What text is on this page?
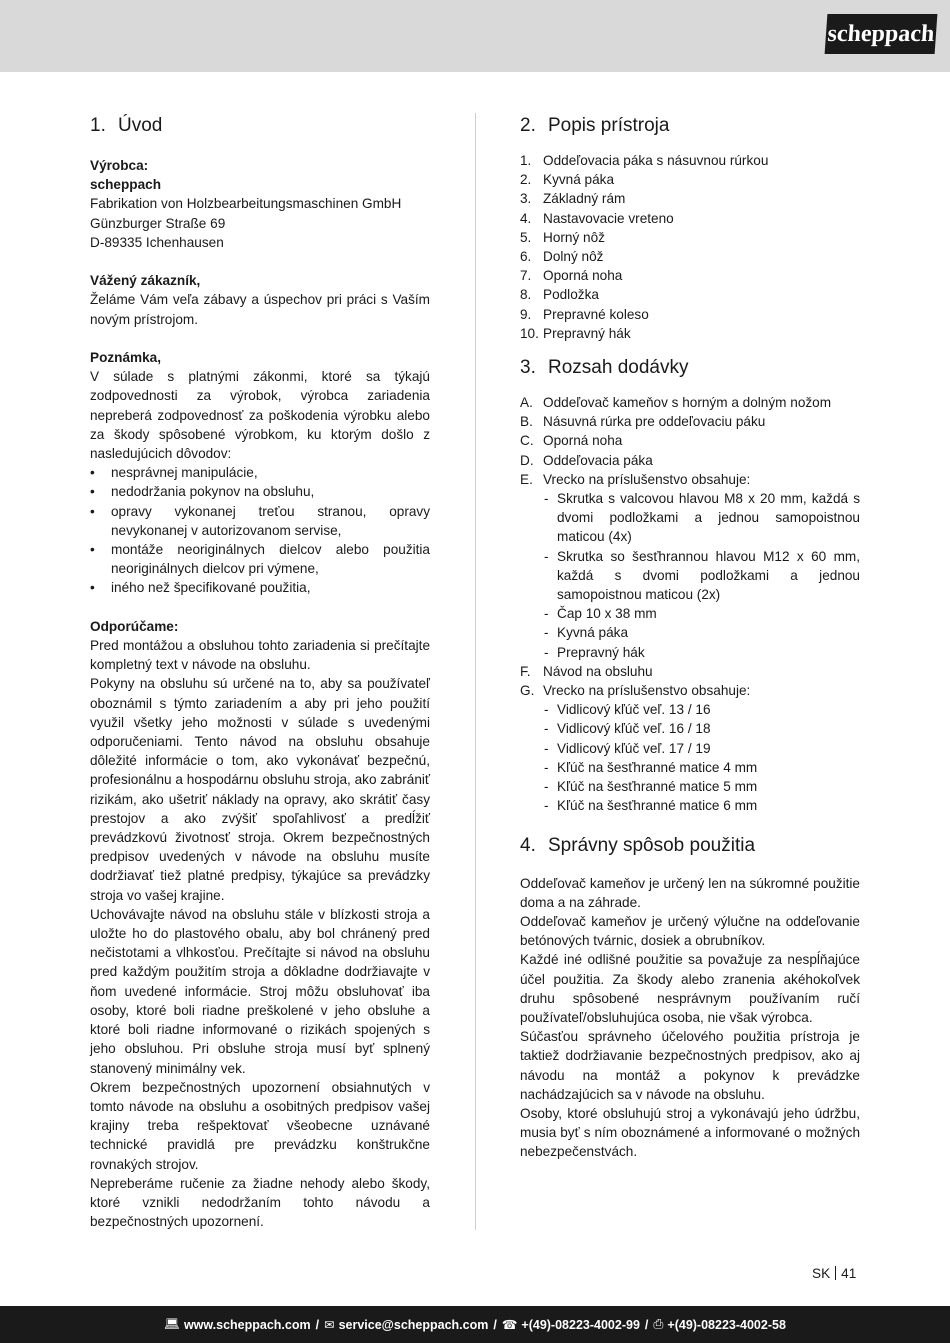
scheppach
1. Úvod

Výrobca:

scheppach

Fabrikation von Holzbearbeitungsmaschinen GmbH

Günzburger Straße 69

D-89335 Ichenhausen

Vážený zákazník,

Želáme Vám veľa zábavy a úspechov pri práci s Vaším novým prístrojom.

Poznámka,

V súlade s platnými zákonmi, ktoré sa týkajú zodpovednosti za výrobok, výrobca zariadenia nepreberá zodpovednosť za poškodenia výrobku alebo za škody spôsobené výrobkom, ku ktorým došlo z nasledujúcich dôvodov:

• nesprávnej manipulácie,
• nedodržania pokynov na obsluhu,
• opravy vykonanej treťou stranou, opravy nevykonanej v autorizovanom servise,
• montáže neoriginálnych dielcov alebo použitia neoriginálnych dielcov pri výmene,
• iného než špecifikované použitia,

Odporúčame:

Pred montážou a obsluhou tohto zariadenia si prečítajte kompletný text v návode na obsluhu.

Pokyny na obsluhu sú určené na to, aby sa používateľ oboznámil s týmto zariadením a aby pri jeho použití využil všetky jeho možnosti v súlade s uvedenými odporučeniami. Tento návod na obsluhu obsahuje dôležité informácie o tom, ako vykonávať bezpečnú, profesionálnu a hospodárnu obsluhu stroja, ako zabrániť rizikám, ako ušetriť náklady na opravy, ako skrátiť časy prestojov a ako zvýšiť spoľahlivosť a predĺžiť prevádzkovú životnosť stroja. Okrem bezpečnostných predpisov uvedených v návode na obsluhu musíte dodržiavať tiež platné predpisy, týkajúce sa prevádzky stroja vo vašej krajine.

Uchovávajte návod na obsluhu stále v blízkosti stroja a uložte ho do plastového obalu, aby bol chránený pred nečistotami a vlhkosťou. Prečítajte si návod na obsluhu pred každým použitím stroja a dôkladne dodržiavajte v ňom uvedené informácie. Stroj môžu obsluhovať iba osoby, ktoré boli riadne preškolené v jeho obsluhe a ktoré boli riadne informované o rizikách spojených s jeho obsluhou. Pri obsluhe stroja musí byť splnený stanovený minimálny vek.

Okrem bezpečnostných upozornení obsiahnutých v tomto návode na obsluhu a osobitných predpisov vašej krajiny treba rešpektovať všeobecne uznávané technické pravidlá pre prevádzku konštrukčne rovnakých strojov.

Nepreberáme ručenie za žiadne nehody alebo škody, ktoré vznikli nedodržaním tohto návodu a bezpečnostných upozornení.

2. Popis prístroja
1. Oddeľovacia páka s násuvnou rúrkou
2. Kyvná páka
3. Základný rám
4. Nastavovacie vreteno
5. Horný nôž
6. Dolný nôž
7. Oporná noha
8. Podložka
9. Prepravné koleso
10. Prepravný hák
3. Rozsah dodávky
A. Oddeľovač kameňov s horným a dolným nožom
B. Násuvná rúrka pre oddeľovaciu páku
C. Oporná noha
D. Oddeľovacia páka
E. Vrecko na príslušenstvo obsahuje:
- Skrutka s valcovou hlavou M8 x 20 mm, každá s dvomi podložkami a jednou samopoistnou maticou (4x)
- Skrutka so šesťhrannou hlavou M12 x 60 mm, každá s dvomi podložkami a jednou samopoistnou maticou (2x)
- Čap 10 x 38 mm
- Kyvná páka
- Prepravný hák
F. Návod na obsluhu
G. Vrecko na príslušenstvo obsahuje:
- Vidlicový kľúč veľ. 13 / 16
- Vidlicový kľúč veľ. 16 / 18
- Vidlicový kľúč veľ. 17 / 19
- Kľúč na šesťhranné matice 4 mm
- Kľúč na šesťhranné matice 5 mm
- Kľúč na šesťhranné matice 6 mm
4. Správny spôsob použitia

Oddeľovač kameňov je určený len na súkromné použitie doma a na záhrade.

Oddeľovač kameňov je určený výlučne na oddeľovanie betónových tvárnic, dosiek a obrubníkov.

Každé iné odlišné použitie sa považuje za nespĺňajúce účel použitia. Za škody alebo zranenia akéhokoľvek druhu spôsobené nesprávnym používaním ručí používateľ/obsluhujúca osoba, nie však výrobca.

Súčasťou správneho účelového použitia prístroja je taktiež dodržiavanie bezpečnostných predpisov, ako aj návodu na montáž a pokynov k prevádzke nachádzajúcich sa v návode na obsluhu.

Osoby, ktoré obsluhujú stroj a vykonávajú jeho údržbu, musia byť s ním oboznámené a informované o možných nebezpečenstvách.

SK 41
💻︎ www.scheppach.com / ✉︎ service@scheppach.com / ☎︎ +(49)-08223-4002-99 / ⎙ +(49)-08223-4002-58
